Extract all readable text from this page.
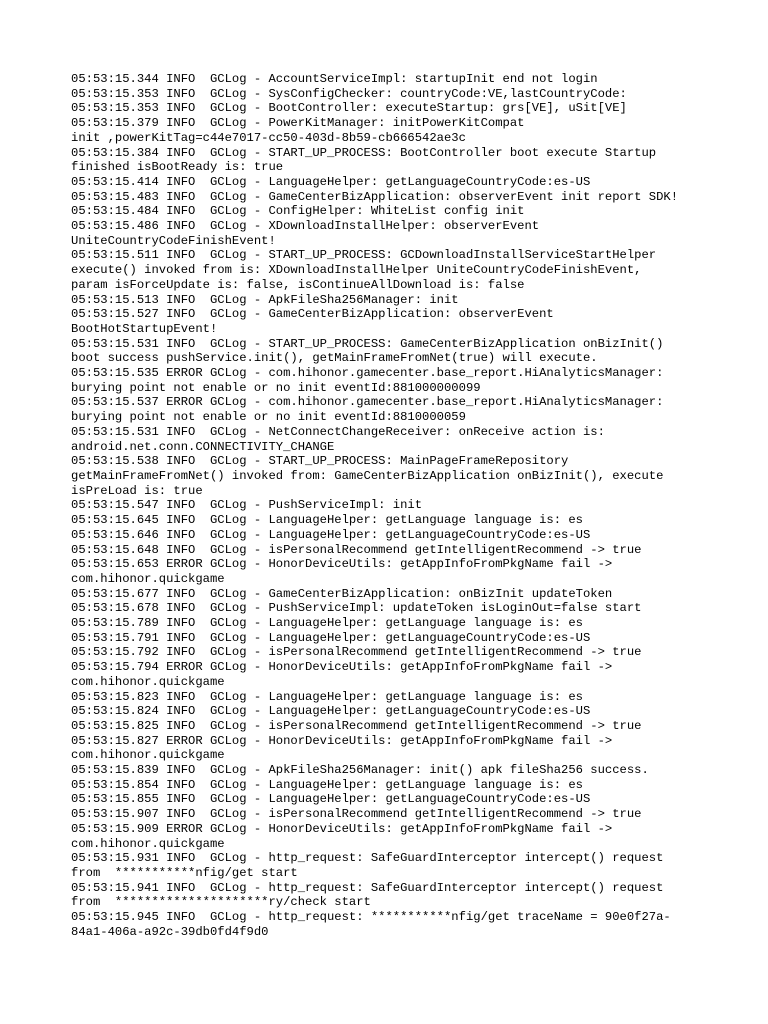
05:53:15.344 INFO  GCLog - AccountServiceImpl: startupInit end not login
05:53:15.353 INFO  GCLog - SysConfigChecker: countryCode:VE,lastCountryCode:
05:53:15.353 INFO  GCLog - BootController: executeStartup: grs[VE], uSit[VE]
05:53:15.379 INFO  GCLog - PowerKitManager: initPowerKitCompat
init ,powerKitTag=c44e7017-cc50-403d-8b59-cb666542ae3c
05:53:15.384 INFO  GCLog - START_UP_PROCESS: BootController boot execute Startup
finished isBootReady is: true
05:53:15.414 INFO  GCLog - LanguageHelper: getLanguageCountryCode:es-US
05:53:15.483 INFO  GCLog - GameCenterBizApplication: observerEvent init report SDK!
05:53:15.484 INFO  GCLog - ConfigHelper: WhiteList config init
05:53:15.486 INFO  GCLog - XDownloadInstallHelper: observerEvent
UniteCountryCodeFinishEvent!
05:53:15.511 INFO  GCLog - START_UP_PROCESS: GCDownloadInstallServiceStartHelper
execute() invoked from is: XDownloadInstallHelper UniteCountryCodeFinishEvent,
param isForceUpdate is: false, isContinueAllDownload is: false
05:53:15.513 INFO  GCLog - ApkFileSha256Manager: init
05:53:15.527 INFO  GCLog - GameCenterBizApplication: observerEvent
BootHotStartupEvent!
05:53:15.531 INFO  GCLog - START_UP_PROCESS: GameCenterBizApplication onBizInit()
boot success pushService.init(), getMainFrameFromNet(true) will execute.
05:53:15.535 ERROR GCLog - com.hihonor.gamecenter.base_report.HiAnalyticsManager:
burying point not enable or no init eventId:881000000099
05:53:15.537 ERROR GCLog - com.hihonor.gamecenter.base_report.HiAnalyticsManager:
burying point not enable or no init eventId:8810000059
05:53:15.531 INFO  GCLog - NetConnectChangeReceiver: onReceive action is:
android.net.conn.CONNECTIVITY_CHANGE
05:53:15.538 INFO  GCLog - START_UP_PROCESS: MainPageFrameRepository
getMainFrameFromNet() invoked from: GameCenterBizApplication onBizInit(), execute
isPreLoad is: true
05:53:15.547 INFO  GCLog - PushServiceImpl: init
05:53:15.645 INFO  GCLog - LanguageHelper: getLanguage language is: es
05:53:15.646 INFO  GCLog - LanguageHelper: getLanguageCountryCode:es-US
05:53:15.648 INFO  GCLog - isPersonalRecommend getIntelligentRecommend -> true
05:53:15.653 ERROR GCLog - HonorDeviceUtils: getAppInfoFromPkgName fail ->
com.hihonor.quickgame
05:53:15.677 INFO  GCLog - GameCenterBizApplication: onBizInit updateToken
05:53:15.678 INFO  GCLog - PushServiceImpl: updateToken isLoginOut=false start
05:53:15.789 INFO  GCLog - LanguageHelper: getLanguage language is: es
05:53:15.791 INFO  GCLog - LanguageHelper: getLanguageCountryCode:es-US
05:53:15.792 INFO  GCLog - isPersonalRecommend getIntelligentRecommend -> true
05:53:15.794 ERROR GCLog - HonorDeviceUtils: getAppInfoFromPkgName fail ->
com.hihonor.quickgame
05:53:15.823 INFO  GCLog - LanguageHelper: getLanguage language is: es
05:53:15.824 INFO  GCLog - LanguageHelper: getLanguageCountryCode:es-US
05:53:15.825 INFO  GCLog - isPersonalRecommend getIntelligentRecommend -> true
05:53:15.827 ERROR GCLog - HonorDeviceUtils: getAppInfoFromPkgName fail ->
com.hihonor.quickgame
05:53:15.839 INFO  GCLog - ApkFileSha256Manager: init() apk fileSha256 success.
05:53:15.854 INFO  GCLog - LanguageHelper: getLanguage language is: es
05:53:15.855 INFO  GCLog - LanguageHelper: getLanguageCountryCode:es-US
05:53:15.907 INFO  GCLog - isPersonalRecommend getIntelligentRecommend -> true
05:53:15.909 ERROR GCLog - HonorDeviceUtils: getAppInfoFromPkgName fail ->
com.hihonor.quickgame
05:53:15.931 INFO  GCLog - http_request: SafeGuardInterceptor intercept() request
from  ***********nfig/get start
05:53:15.941 INFO  GCLog - http_request: SafeGuardInterceptor intercept() request
from  *********************ry/check start
05:53:15.945 INFO  GCLog - http_request: ***********nfig/get traceName = 90e0f27a-
84a1-406a-a92c-39db0fd4f9d0
